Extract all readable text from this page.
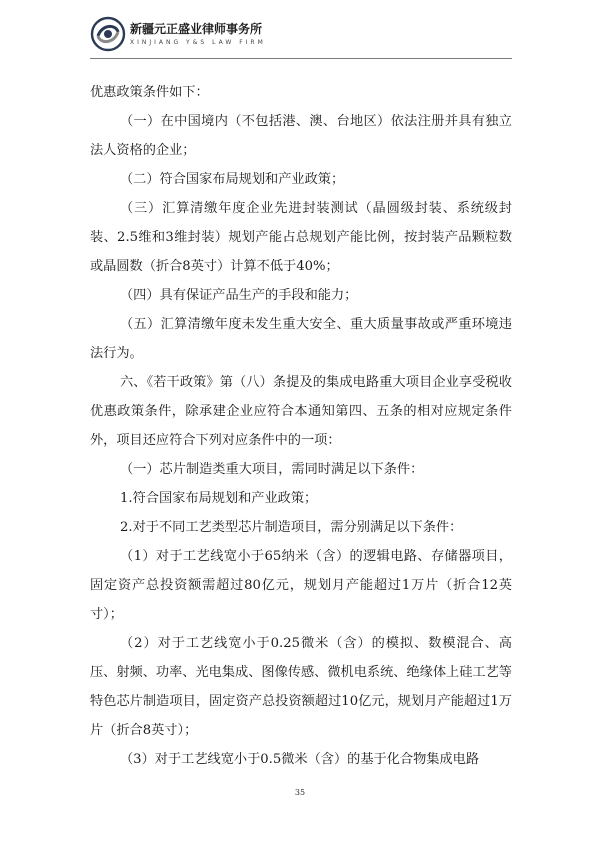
新疆元正盛业律师事务所
XINJIANG Y&S LAW FIRM

优惠政策条件如下：

（一）在中国境内（不包括港、澳、台地区）依法注册并具有独立法人资格的企业；

（二）符合国家布局规划和产业政策；

（三）汇算清缴年度企业先进封装测试（晶圆级封装、系统级封装、2.5维和3维封装）规划产能占总规划产能比例，按封装产品颗粒数或晶圆数（折合8英寸）计算不低于40%；

（四）具有保证产品生产的手段和能力；

（五）汇算清缴年度未发生重大安全、重大质量事故或严重环境违法行为。

六、《若干政策》第（八）条提及的集成电路重大项目企业享受税收优惠政策条件，除承建企业应符合本通知第四、五条的相对应规定条件外，项目还应符合下列对应条件中的一项：

（一）芯片制造类重大项目，需同时满足以下条件：

1.符合国家布局规划和产业政策；

2.对于不同工艺类型芯片制造项目，需分别满足以下条件：

（1）对于工艺线宽小于65纳米（含）的逻辑电路、存储器项目，固定资产总投资额需超过80亿元，规划月产能超过1万片（折合12英寸）；

（2）对于工艺线宽小于0.25微米（含）的模拟、数模混合、高压、射频、功率、光电集成、图像传感、微机电系统、绝缘体上硅工艺等特色芯片制造项目，固定资产总投资额超过10亿元，规划月产能超过1万片（折合8英寸）；

（3）对于工艺线宽小于0.5微米（含）的基于化合物集成电路

35
